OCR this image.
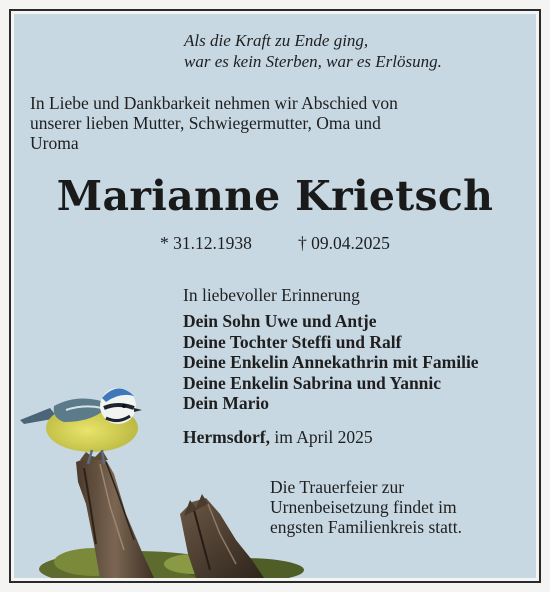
Als die Kraft zu Ende ging,
war es kein Sterben, war es Erlösung.
In Liebe und Dankbarkeit nehmen wir Abschied von
unserer lieben Mutter, Schwiegermutter, Oma und
Uroma
Marianne Krietsch
* 31.12.1938	† 09.04.2025
In liebevoller Erinnerung
Dein Sohn Uwe und Antje
Deine Tochter Steffi und Ralf
Deine Enkelin Annekathrin mit Familie
Deine Enkelin Sabrina und Yannic
Dein Mario
Hermsdorf, im April 2025
Die Trauerfeier zur
Urnenbeisetzung findet im
engsten Familienkreis statt.
